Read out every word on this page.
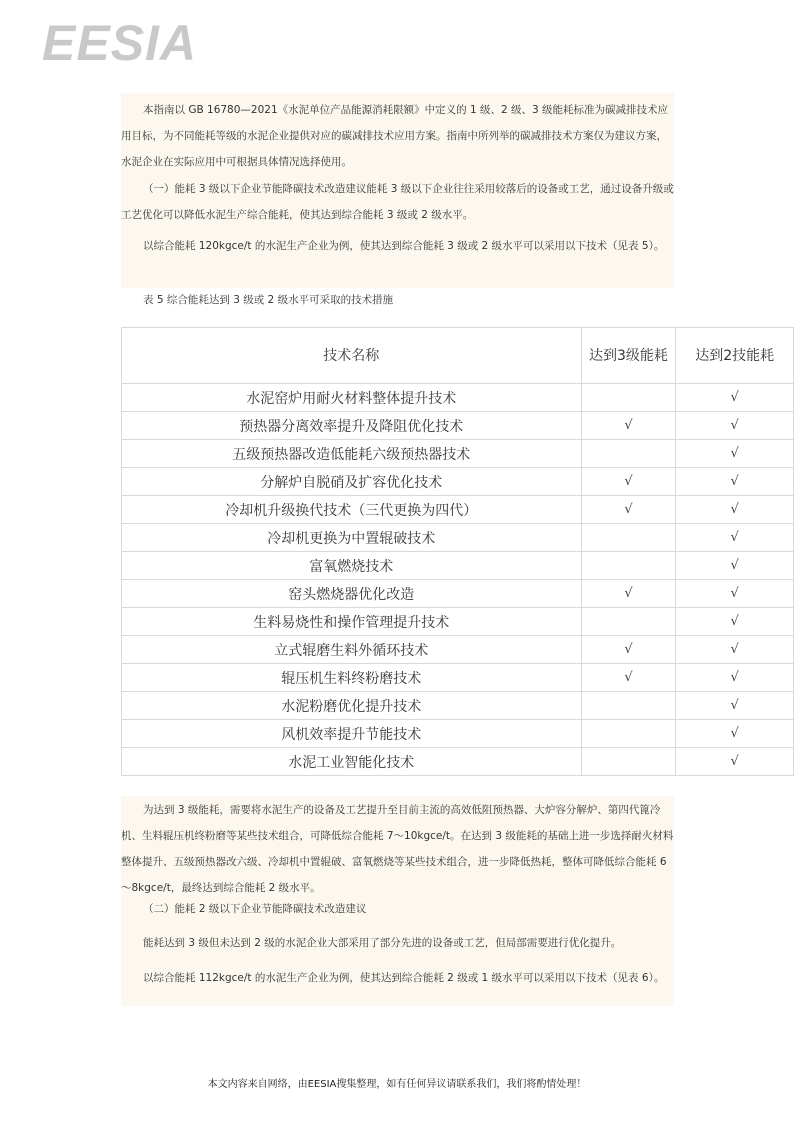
EESIA

本指南以 GB 16780—2021《水泥单位产品能源消耗限额》中定义的 1 级、2 级、3 级能耗标准为碳减排技术应用目标，为不同能耗等级的水泥企业提供对应的碳减排技术应用方案。指南中所列举的碳减排技术方案仅为建议方案，水泥企业在实际应用中可根据具体情况选择使用。

（一）能耗 3 级以下企业节能降碳技术改造建议能耗 3 级以下企业往往采用较落后的设备或工艺，通过设备升级或工艺优化可以降低水泥生产综合能耗，使其达到综合能耗 3 级或 2 级水平。

以综合能耗 120kgce/t 的水泥生产企业为例，使其达到综合能耗 3 级或 2 级水平可以采用以下技术（见表 5）。

表 5 综合能耗达到 3 级或 2 级水平可采取的技术措施

技术名称	达到3级能耗	达到2技能耗
水泥窑炉用耐火材料整体提升技术		√
预热器分离效率提升及降阻优化技术	√	√
五级预热器改造低能耗六级预热器技术		√
分解炉自脱硝及扩容优化技术	√	√
冷却机升级换代技术（三代更换为四代）	√	√
冷却机更换为中置辊破技术		√
富氧燃烧技术		√
窑头燃烧器优化改造	√	√
生料易烧性和操作管理提升技术		√
立式辊磨生料外循环技术	√	√
辊压机生料终粉磨技术	√	√
水泥粉磨优化提升技术		√
风机效率提升节能技术		√
水泥工业智能化技术		√

为达到 3 级能耗，需要将水泥生产的设备及工艺提升至目前主流的高效低阻预热器、大炉容分解炉、第四代篦冷机、生料辊压机终粉磨等某些技术组合，可降低综合能耗 7～10kgce/t。在达到 3 级能耗的基础上进一步选择耐火材料整体提升、五级预热器改六级、冷却机中置辊破、富氧燃烧等某些技术组合，进一步降低热耗，整体可降低综合能耗 6～8kgce/t，最终达到综合能耗 2 级水平。

（二）能耗 2 级以下企业节能降碳技术改造建议

能耗达到 3 级但未达到 2 级的水泥企业大部采用了部分先进的设备或工艺，但局部需要进行优化提升。

以综合能耗 112kgce/t 的水泥生产企业为例，使其达到综合能耗 2 级或 1 级水平可以采用以下技术（见表 6）。

本文内容来自网络，由EESIA搜集整理，如有任何异议请联系我们，我们将酌情处理！
